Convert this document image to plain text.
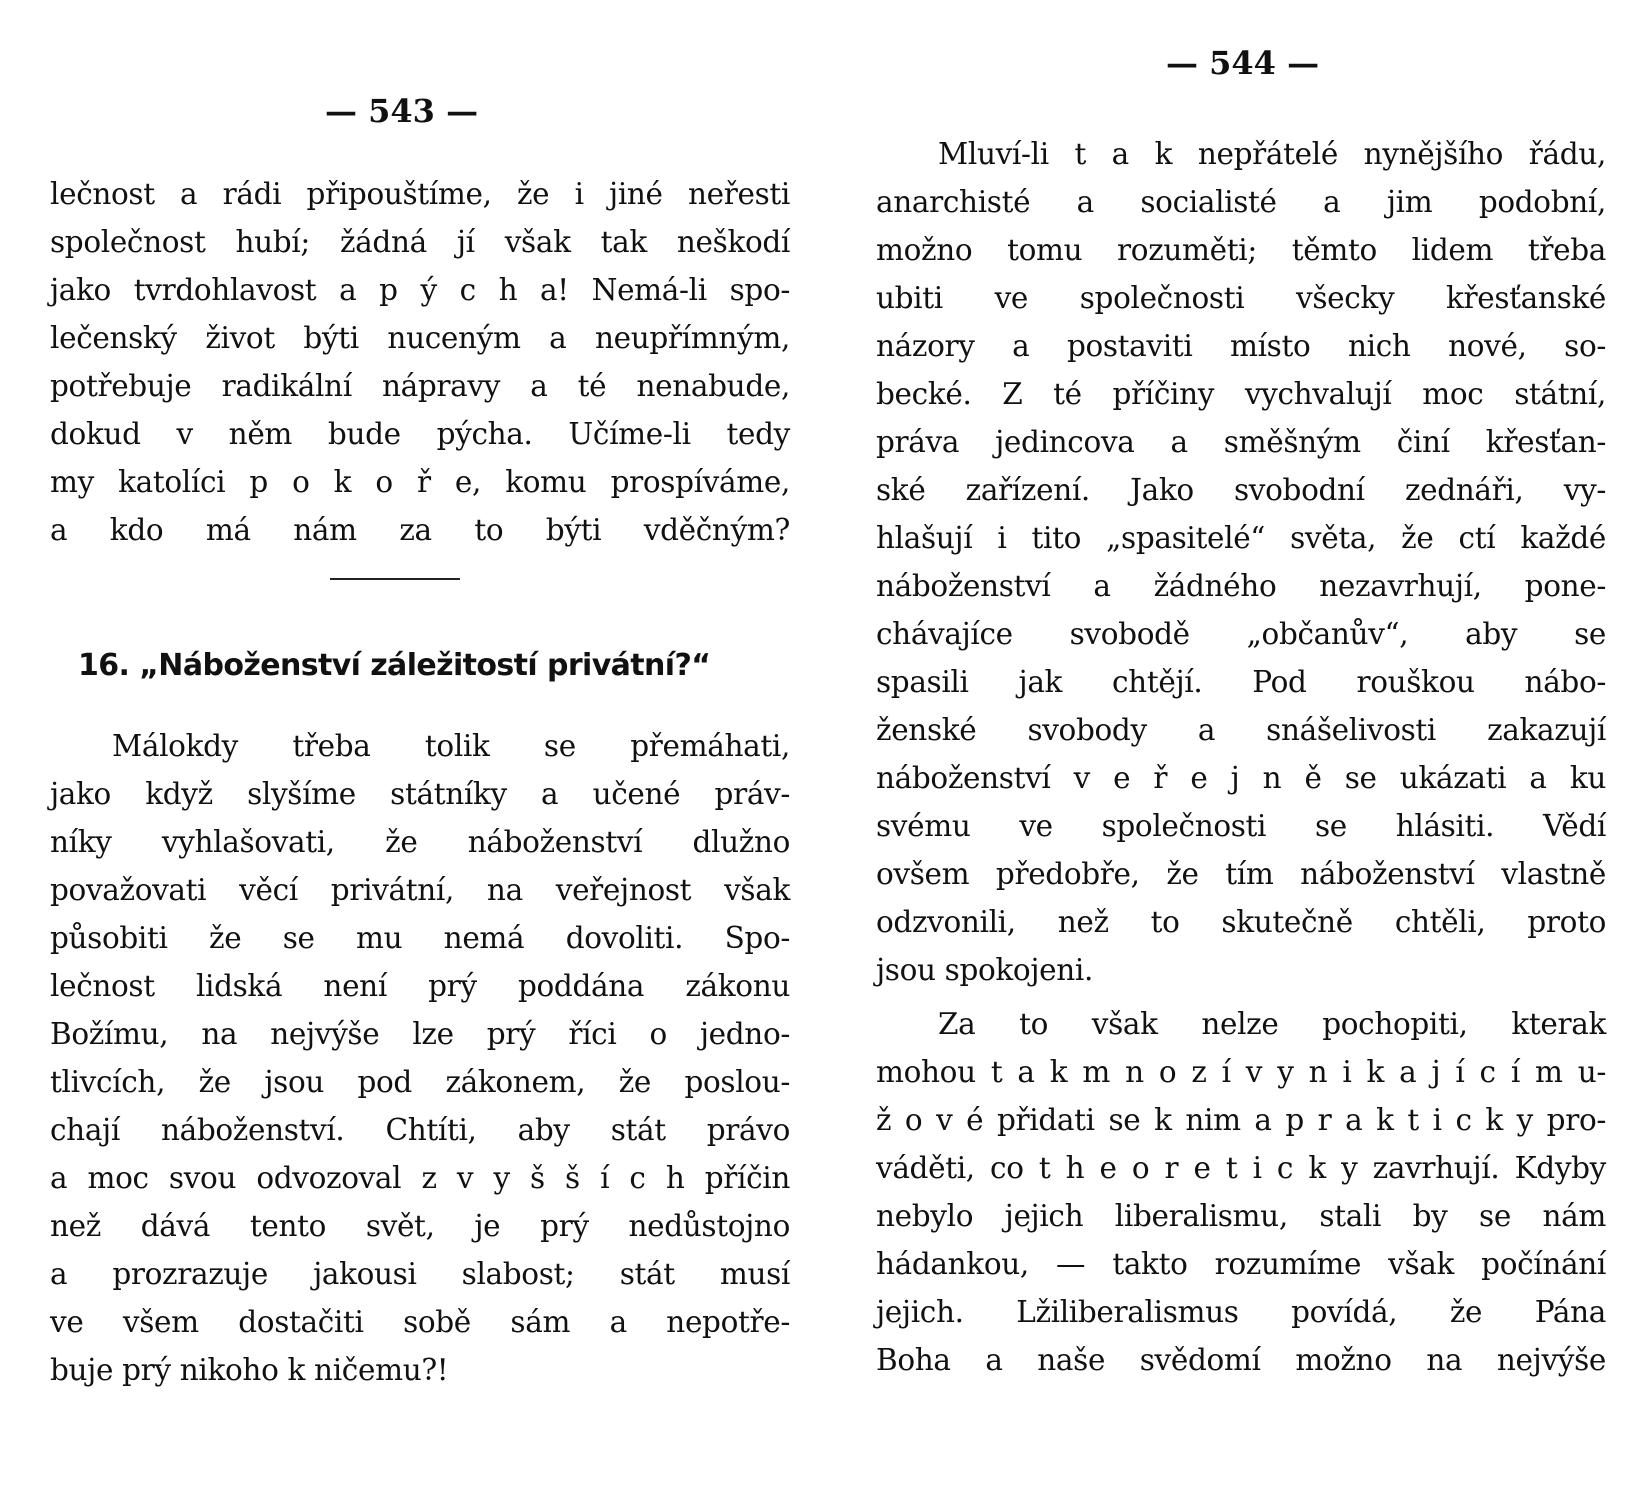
— 543 —
lečnost a rádi připouštíme, že i jiné neřesti
společnost hubí; žádná jí však tak neškodí
jako tvrdohlavost a p ý c h a! Nemá-li spo-
lečenský život býti nuceným a neupřímným,
potřebuje radikální nápravy a té nenabude,
dokud v něm bude pýcha. Učíme-li tedy
my katolíci p o k o ř e, komu prospíváme,
a kdo má nám za to býti vděčným?
16. „Náboženství záležitostí privátní?“
Málokdy třeba tolik se přemáhati,
jako když slyšíme státníky a učené práv-
níky vyhlašovati, že náboženství dlužno
považovati věcí privátní, na veřejnost však
působiti že se mu nemá dovoliti. Spo-
lečnost lidská není prý poddána zákonu
Božímu, na nejvýše lze prý říci o jedno-
tlivcích, že jsou pod zákonem, že poslou-
chají náboženství. Chtíti, aby stát právo
a moc svou odvozoval z v y š š í c h příčin
než dává tento svět, je prý nedůstojno
a prozrazuje jakousi slabost; stát musí
ve všem dostačiti sobě sám a nepotře-
buje prý nikoho k ničemu?!
— 544 —
Mluví-li t a k nepřátelé nynějšího řádu,
anarchisté a socialisté a jim podobní,
možno tomu rozuměti; těmto lidem třeba
ubiti ve společnosti všecky křesťanské
názory a postaviti místo nich nové, so-
becké. Z té příčiny vychvalují moc státní,
práva jedincova a směšným činí křesťan-
ské zařízení. Jako svobodní zednáři, vy-
hlašují i tito „spasitelé“ světa, že ctí každé
náboženství a žádného nezavrhují, pone-
chávajíce svobodě „občanův“, aby se
spasili jak chtějí. Pod rouškou nábo-
ženské svobody a snášelivosti zakazují
náboženství v e ř e j n ě se ukázati a ku
svému ve společnosti se hlásiti. Vědí
ovšem předobře, že tím náboženství vlastně
odzvonili, než to skutečně chtěli, proto
jsou spokojeni.
Za to však nelze pochopiti, kterak
mohou t a k m n o z í v y n i k a j í c í m u-
ž o v é přidati se k nim a p r a k t i c k y pro-
váděti, co t h e o r e t i c k y zavrhují. Kdyby
nebylo jejich liberalismu, stali by se nám
hádankou, — takto rozumíme však počínání
jejich. Lžiliberalismus povídá, že Pána
Boha a naše svědomí možno na nejvýše
